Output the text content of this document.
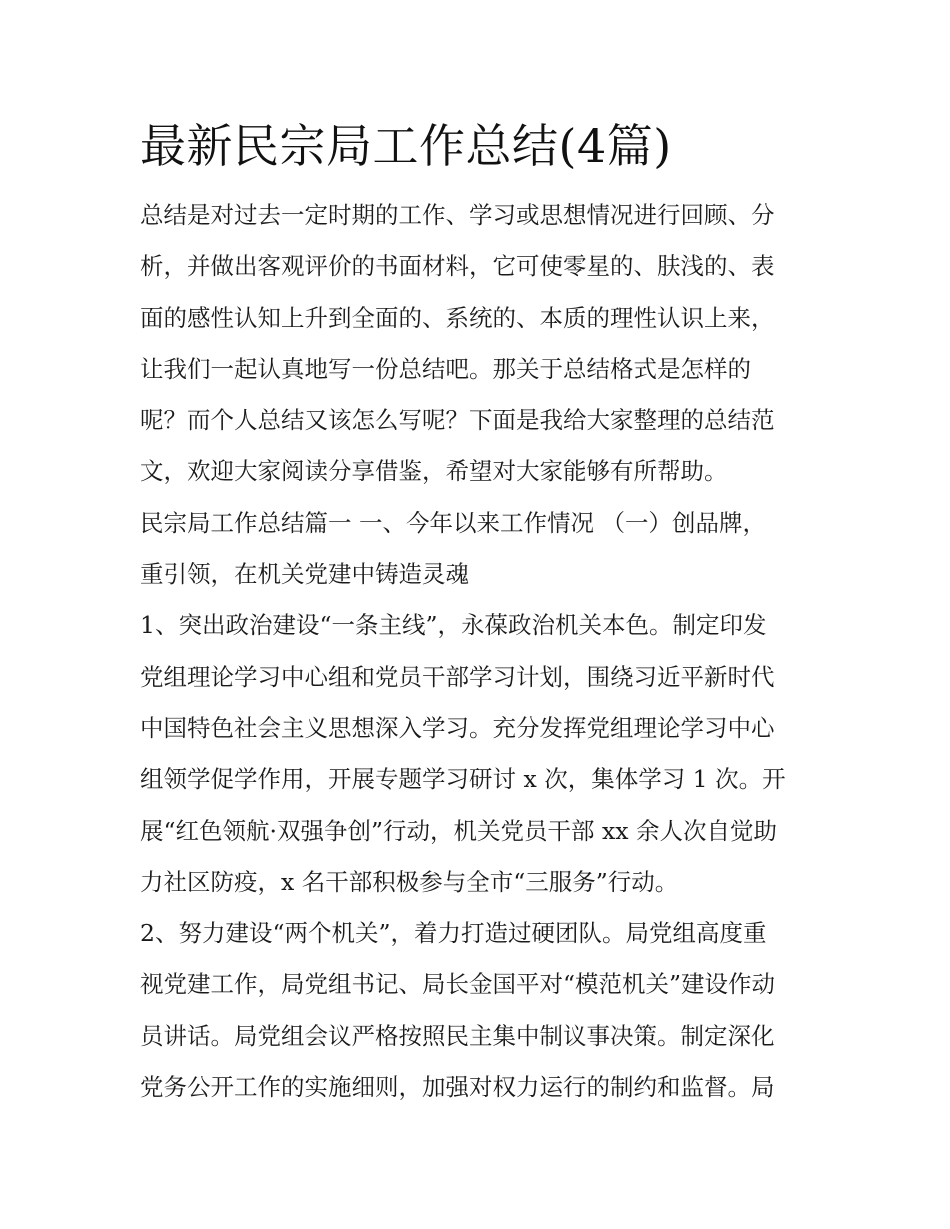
最新民宗局工作总结(4篇)

总结是对过去一定时期的工作、学习或思想情况进行回顾、分
析，并做出客观评价的书面材料，它可使零星的、肤浅的、表
面的感性认知上升到全面的、系统的、本质的理性认识上来，
让我们一起认真地写一份总结吧。那关于总结格式是怎样的
呢？而个人总结又该怎么写呢？下面是我给大家整理的总结范
文，欢迎大家阅读分享借鉴，希望对大家能够有所帮助。

民宗局工作总结篇一 一、今年以来工作情况 （一）创品牌，
重引领，在机关党建中铸造灵魂

1、突出政治建设“一条主线”，永葆政治机关本色。制定印发
党组理论学习中心组和党员干部学习计划，围绕习近平新时代
中国特色社会主义思想深入学习。充分发挥党组理论学习中心
组领学促学作用，开展专题学习研讨 x 次，集体学习 1 次。开
展“红色领航·双强争创”行动，机关党员干部 xx 余人次自觉助
力社区防疫，x 名干部积极参与全市“三服务”行动。

2、努力建设“两个机关”，着力打造过硬团队。局党组高度重
视党建工作，局党组书记、局长金国平对“模范机关”建设作动
员讲话。局党组会议严格按照民主集中制议事决策。制定深化
党务公开工作的实施细则，加强对权力运行的制约和监督。局
